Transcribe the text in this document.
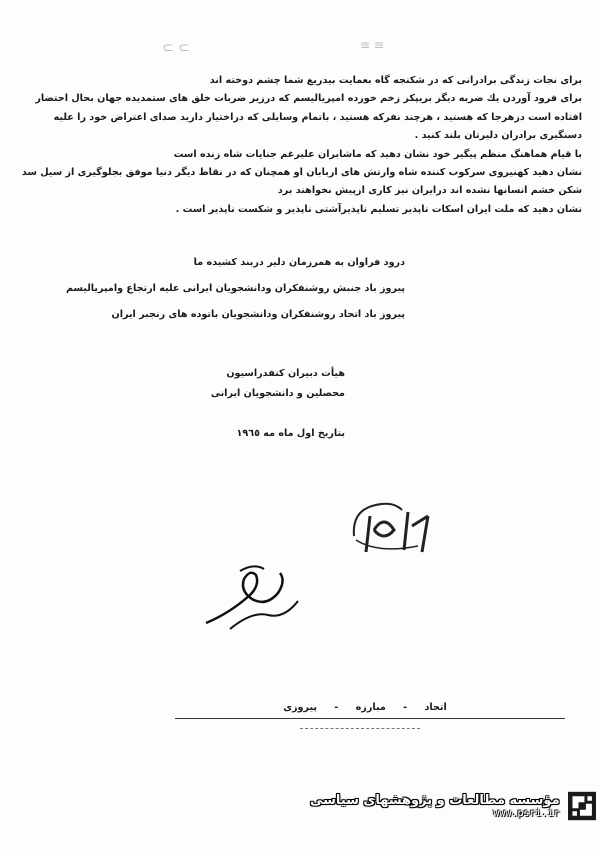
⊂ ⊂	≡ ≡
برای نجات زندگی برادرانی که در شکنجه گاه بعمایت بیدریغ شما چشم دوخته اند
برای فرود آوردن یك ضربه دیگر بریپکر زخم خورده امپریالیسم که درزیر ضربات خلق های ستمدیده جهان بحال احتضار
افتاده است دزهرجا که هستید ، هرچند نفرکه هستید ، باتمام وسایلی که دراختیار دارید صدای اعتراض خود را علیه
دسنگیری برادران دلیرتان بلند کنید .
با قیام هماهنگ منظم پیگیر خود نشان دهید که ماشابران علیرغم جنایات شاه زنده است
نشان دهید کهنیروی سرکوب کننده شاه وارتش های اربابان او همچنان که در نقاط دیگر دنیا موفق بجلوگیری از سیل سد
شکن خشم انسانها نشده اند درایران نیز کاری ازپیش نخواهند برد
نشان دهید که ملت ایران اسکات ناپذیر تسلیم ناپذیرآشتی ناپذیر و شکست ناپذیر است .
درود فراوان به همرزمان دلیر دربند کشیده ما
پیروز باد جنبش روشنفکران ودانشجویان ایرانی علیه ارتجاع وامپریالیسم
پیروز باد اتحاد روشنفکران ودانشجویان باتوده های رنجبر ایران
هیأت دبیران کنفدراسیون
محصلین و دانشجویان ایرانی
بتاریخ اول ماه مه ١٩٦٥
اتحاد - مبارزه - پیروزی
مؤسسه مطالعات و پژوهشهای سیاسی
www.psri.ir
